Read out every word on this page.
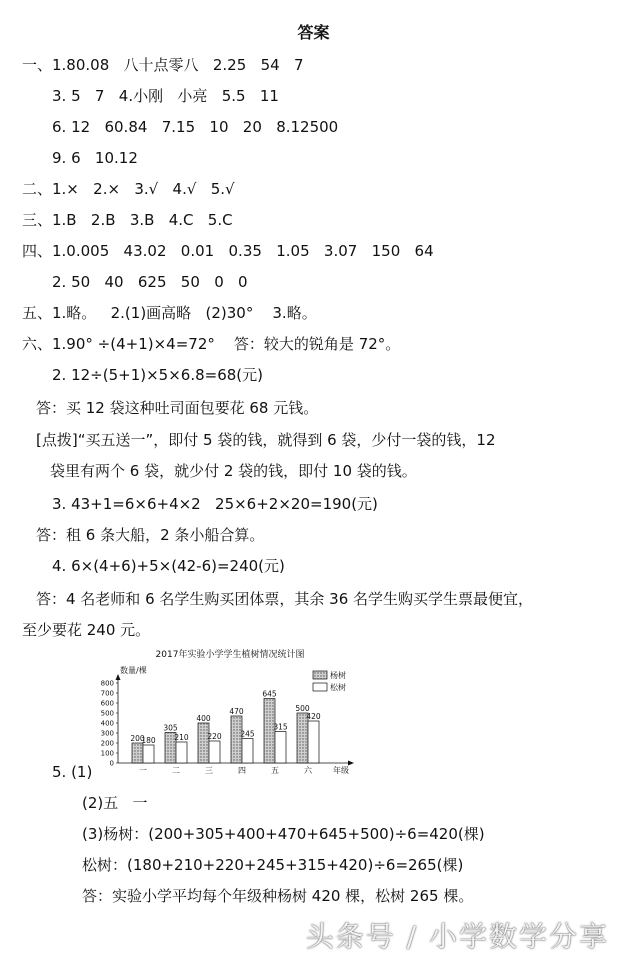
答案
一、1.80.08   八十点零八   2.25   54   7
3. 5   7   4.小刚   小亮   5.5   11
6. 12   60.84   7.15   10   20   8.12500
9. 6   10.12
二、1.×   2.×   3.√   4.√   5.√
三、1.B   2.B   3.B   4.C   5.C
四、1.0.005   43.02   0.01   0.35   1.05   3.07   150   64
2. 50   40   625   50   0   0
五、1.略。   2.(1)画高略   (2)30°    3.略。
六、1.90° ÷(4+1)×4=72°    答：较大的锐角是 72°。
2. 12÷(5+1)×5×6.8=68(元)
答：买 12 袋这种吐司面包要花 68 元钱。
[点拨]“买五送一”，即付 5 袋的钱，就得到 6 袋，少付一袋的钱，12
袋里有两个 6 袋，就少付 2 袋的钱，即付 10 袋的钱。
3. 43+1=6×6+4×2   25×6+2×20=190(元)
答：租 6 条大船，2 条小船合算。
4. 6×(4+6)+5×(42-6)=240(元)
答：4 名老师和 6 名学生购买团体票，其余 36 名学生购买学生票最便宜，
至少要花 240 元。
5. (1)
(2)五   一
(3)杨树：(200+305+400+470+645+500)÷6=420(棵)
松树：(180+210+220+245+315+420)÷6=265(棵)
答：实验小学平均每个年级种杨树 420 棵，松树 265 棵。
2017年实验小学学生植树情况统计图
数量/棵
年级
0
100
200
300
400
500
600
700
800
200
180
一
305
210
二
400
220
三
470
245
四
645
315
五
500
420
六
杨树
松树
头条号 / 小学数学分享
